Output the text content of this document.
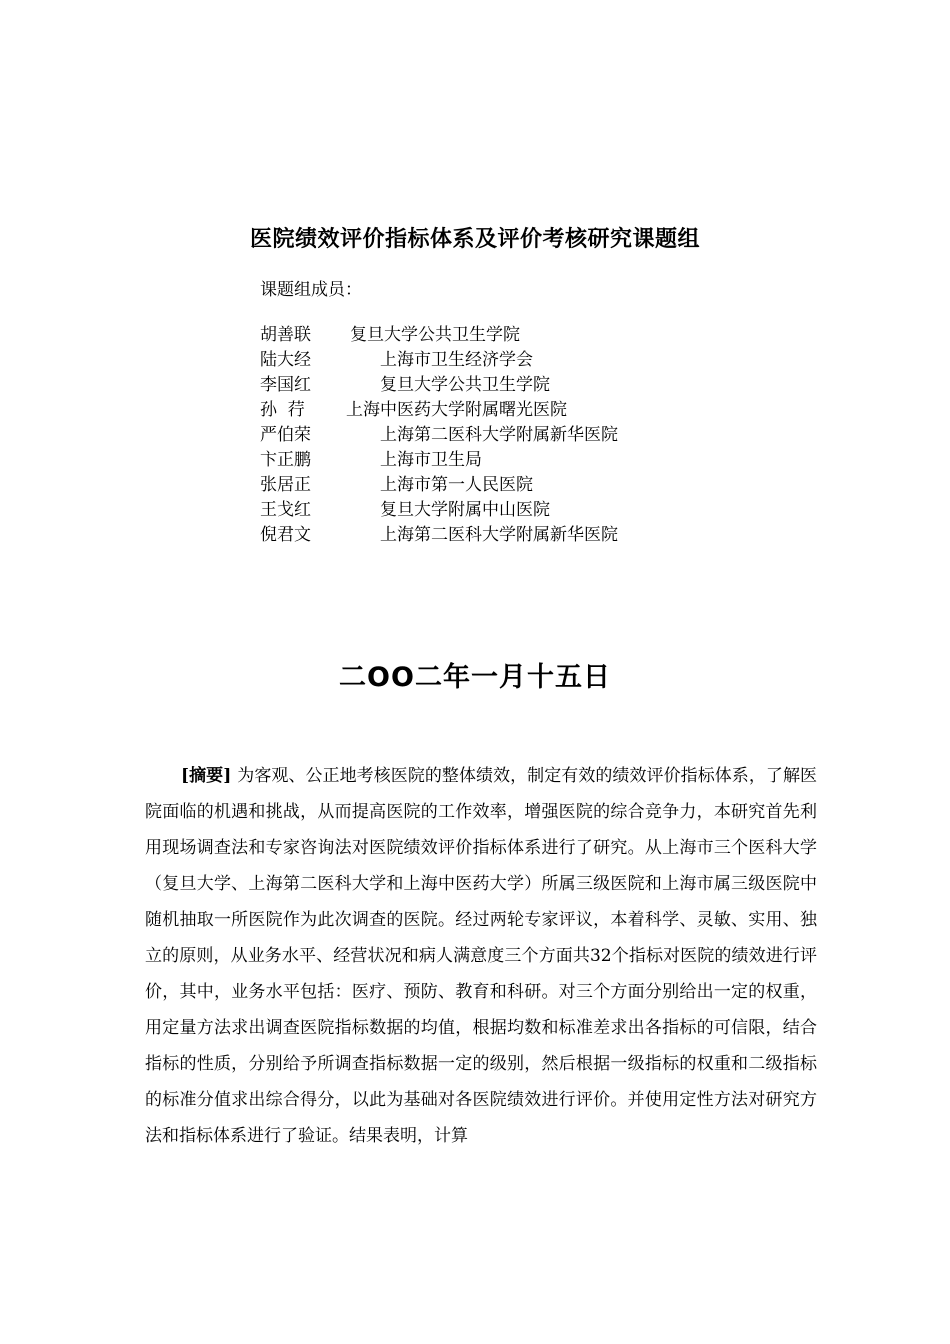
医院绩效评价指标体系及评价考核研究课题组
课题组成员：
胡善联 复旦大学公共卫生学院
陆大经	上海市卫生经济学会
李国红	复旦大学公共卫生学院
孙  荇 上海中医药大学附属曙光医院
严伯荣	上海第二医科大学附属新华医院
卞正鹏	上海市卫生局
张居正	上海市第一人民医院
王戈红	复旦大学附属中山医院
倪君文	上海第二医科大学附属新华医院
二OO二年一月十五日

[摘要] 为客观、公正地考核医院的整体绩效，制定有效的绩效评价指标体系，了解医院面临的机遇和挑战，从而提高医院的工作效率，增强医院的综合竞争力，本研究首先利用现场调查法和专家咨询法对医院绩效评价指标体系进行了研究。从上海市三个医科大学（复旦大学、上海第二医科大学和上海中医药大学）所属三级医院和上海市属三级医院中随机抽取一所医院作为此次调查的医院。经过两轮专家评议，本着科学、灵敏、实用、独立的原则，从业务水平、经营状况和病人满意度三个方面共32个指标对医院的绩效进行评价，其中，业务水平包括：医疗、预防、教育和科研。对三个方面分别给出一定的权重，用定量方法求出调查医院指标数据的均值，根据均数和标准差求出各指标的可信限，结合指标的性质，分别给予所调查指标数据一定的级别，然后根据一级指标的权重和二级指标的标准分值求出综合得分，以此为基础对各医院绩效进行评价。并使用定性方法对研究方法和指标体系进行了验证。结果表明，计算
